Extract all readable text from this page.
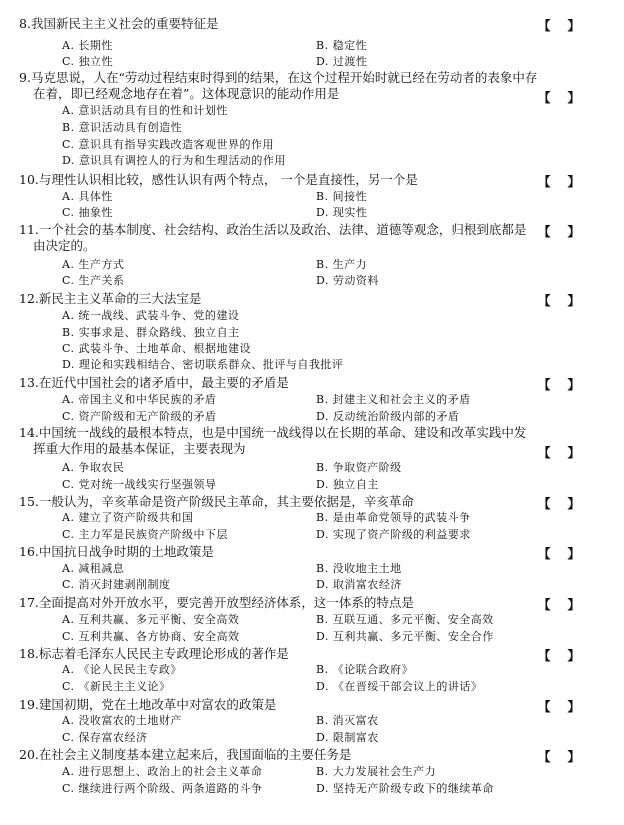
8.我国新民主主义社会的重要特征是	【 】
A. 长期性	B. 稳定性
C. 独立性	D. 过渡性
9.马克思说，人在“劳动过程结束时得到的结果，在这个过程开始时就已经在劳动者的表象中存在着，即已经观念地存在着”。这体现意识的能动作用是	【 】
A. 意识活动具有目的性和计划性
B. 意识活动具有创造性
C. 意识具有指导实践改造客观世界的作用
D. 意识具有调控人的行为和生理活动的作用
10.与理性认识相比较，感性认识有两个特点， 一个是直接性，另一个是	【 】
A. 具体性	B. 间接性
C. 抽象性	D. 现实性
11.一个社会的基本制度、社会结构、政治生活以及政治、法律、道德等观念，归根到底都是由决定的。
【 】
A. 生产方式	B. 生产力
C. 生产关系	D. 劳动资料
12.新民主主义革命的三大法宝是	【 】
A. 统一战线、武装斗争、党的建设
B. 实事求是、群众路线、独立自主
C. 武装斗争、土地革命、根据地建设
D. 理论和实践相结合、密切联系群众、批评与自我批评
13.在近代中国社会的诸矛盾中，最主要的矛盾是	【 】
A. 帝国主义和中华民族的矛盾	B. 封建主义和社会主义的矛盾
C. 资产阶级和无产阶级的矛盾	D. 反动统治阶级内部的矛盾
14.中国统一战线的最根本特点，也是中国统一战线得以在长期的革命、建设和改革实践中发挥重大作用的最基本保证，主要表现为	【 】
A. 争取农民	B. 争取资产阶级
C. 党对统一战线实行坚强领导	D. 独立自主
15.一般认为，辛亥革命是资产阶级民主革命，其主要依据是，辛亥革命	【 】
A. 建立了资产阶级共和国	B. 是由革命党领导的武装斗争
C. 主力军是民族资产阶级中下层	D. 实现了资产阶级的利益要求
16.中国抗日战争时期的土地政策是	【 】
A. 减租减息	B. 没收地主土地
C. 消灭封建剥削制度	D. 取消富农经济
17.全面提高对外开放水平，要完善开放型经济体系，这一体系的特点是	【 】
A. 互利共赢、多元平衡、安全高效	B. 互联互通、多元平衡、安全高效
C. 互利共赢、各方协商、安全高效	D. 互利共赢、多元平衡、安全合作
18.标志着毛泽东人民民主专政理论形成的著作是	【 】
A. 《论人民民主专政》	B. 《论联合政府》
C. 《新民主主义论》	D. 《在晋绥干部会议上的讲话》
19.建国初期，党在土地改革中对富农的政策是	【 】
A. 没收富农的土地财产	B. 消灭富农
C. 保存富农经济	D. 限制富农
20.在社会主义制度基本建立起来后，我国面临的主要任务是	【 】
A. 进行思想上、政治上的社会主义革命	B. 大力发展社会生产力
C. 继续进行两个阶级、两条道路的斗争	D. 坚持无产阶级专政下的继续革命
